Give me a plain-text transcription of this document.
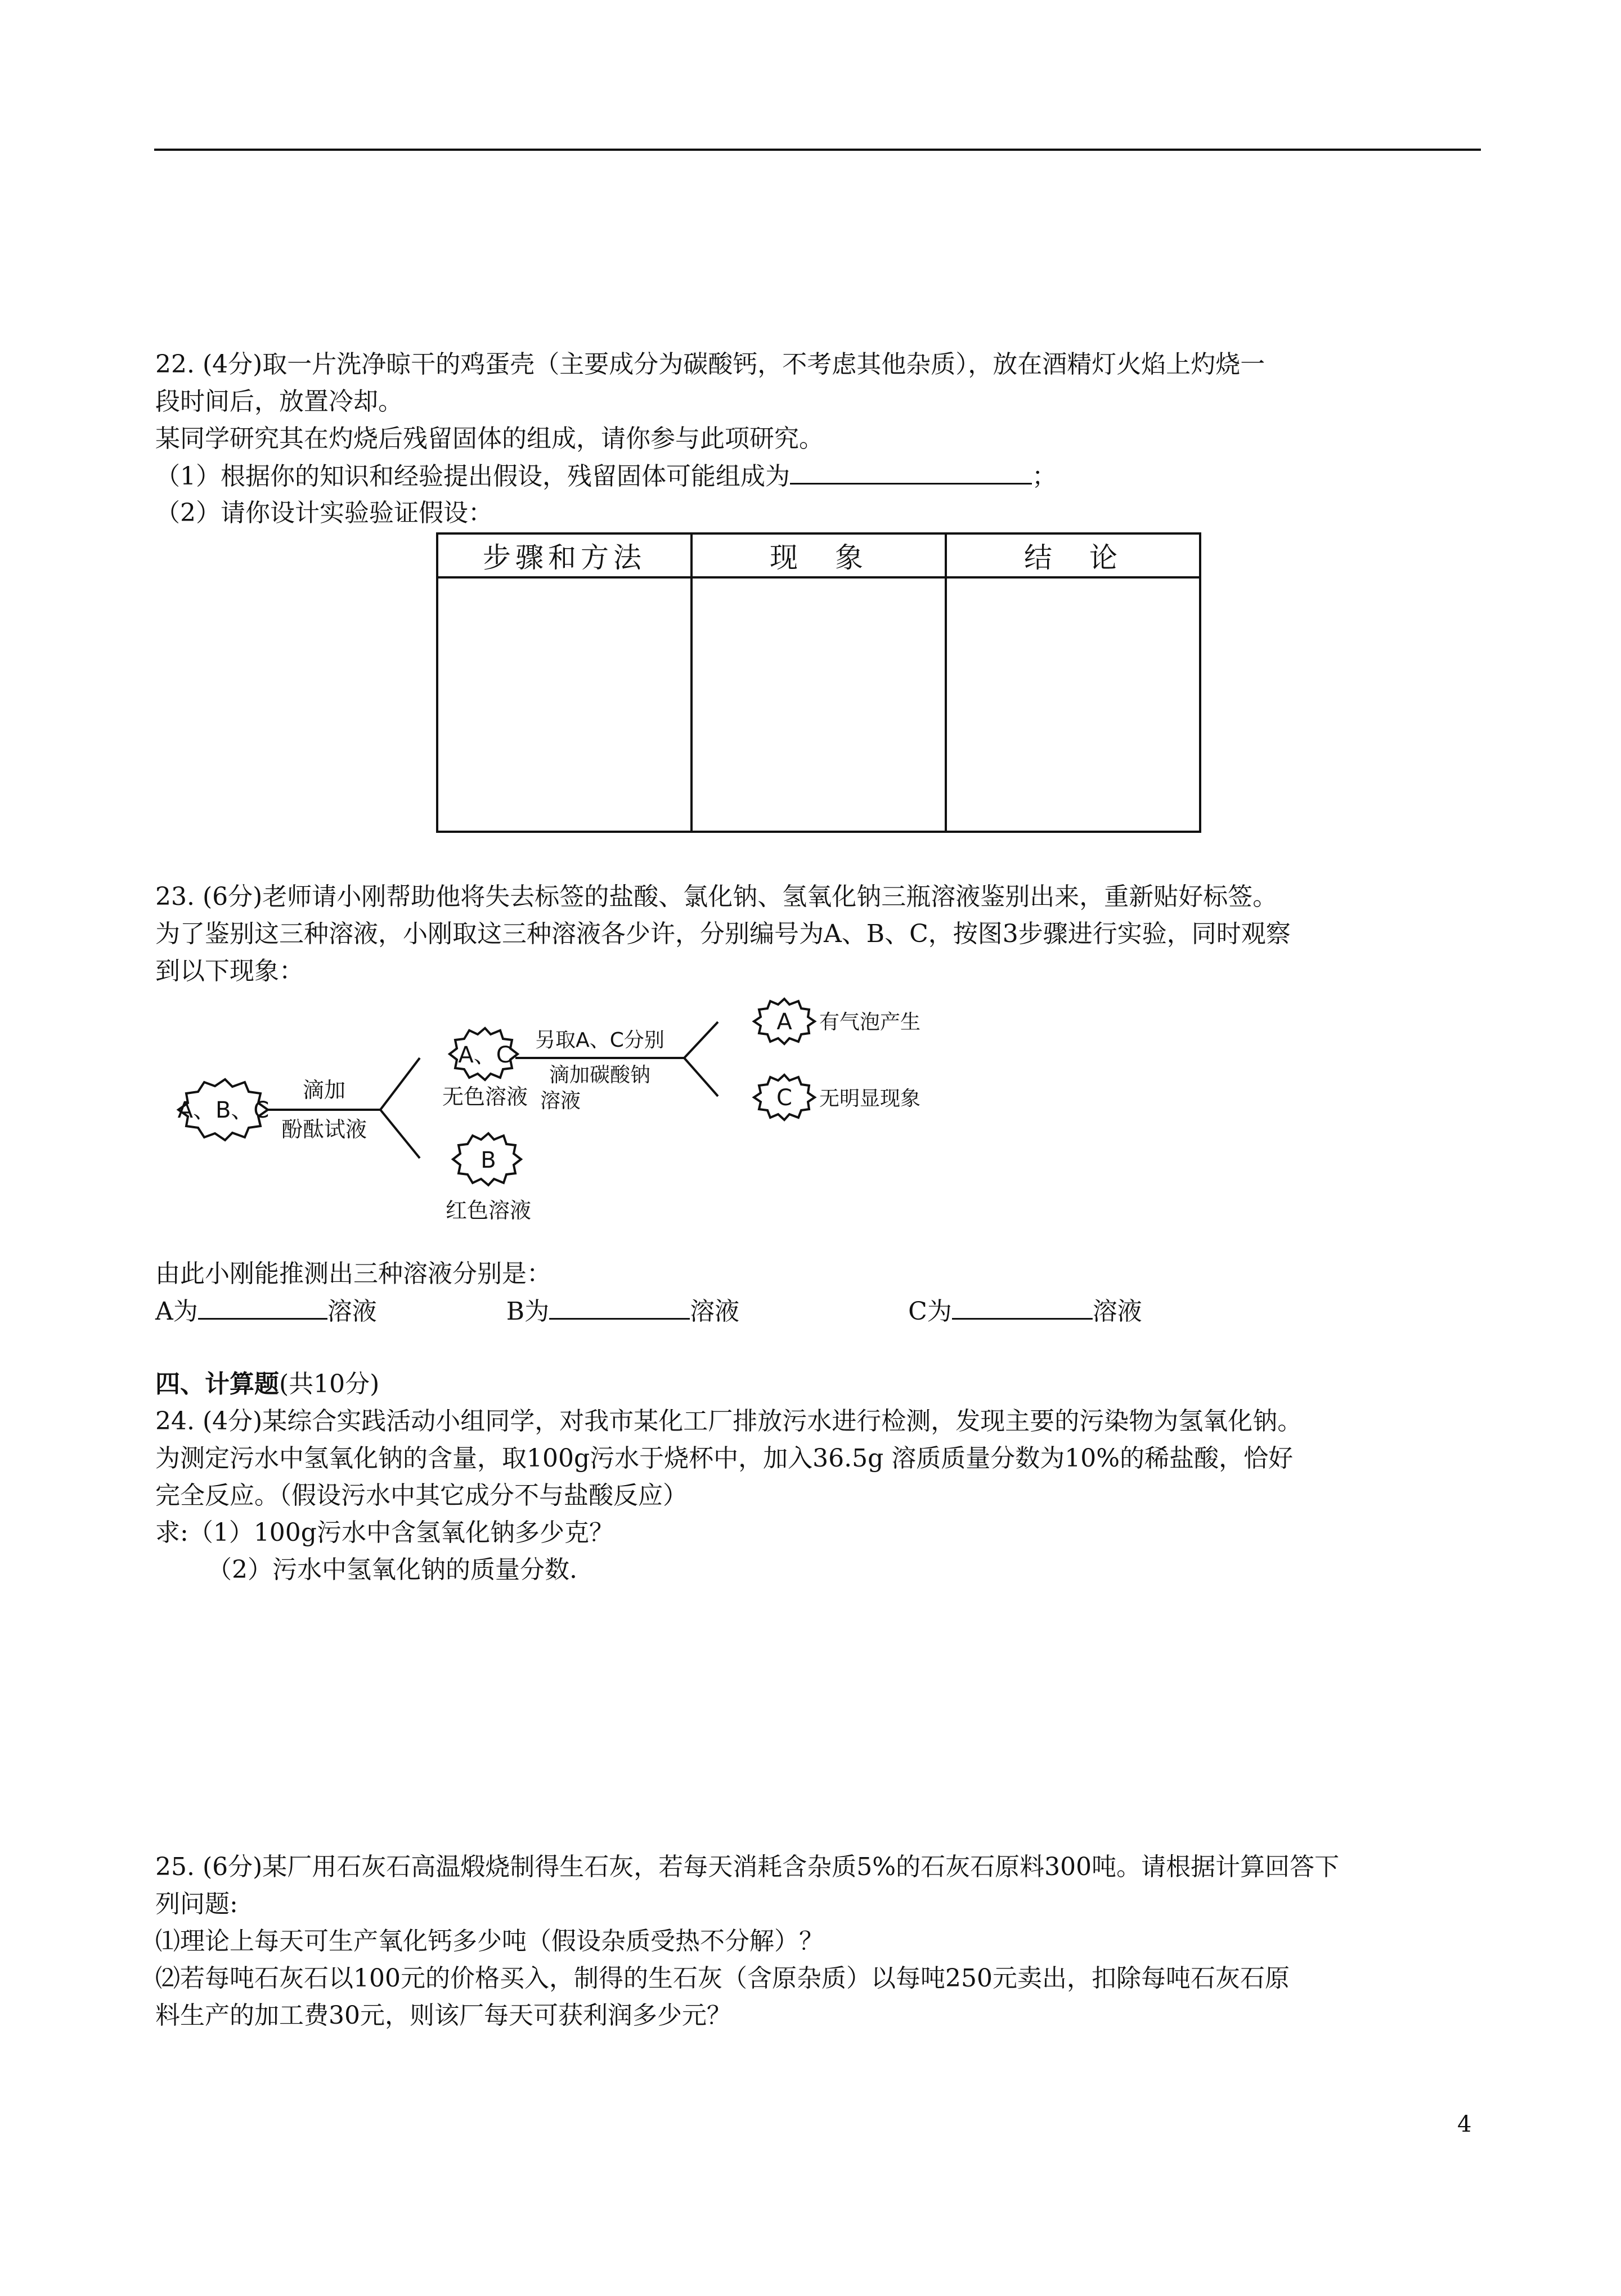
22. (4分)取一片洗净晾干的鸡蛋壳（主要成分为碳酸钙，不考虑其他杂质），放在酒精灯火焰上灼烧一
段时间后，放置冷却。
某同学研究其在灼烧后残留固体的组成，请你参与此项研究。
（1）根据你的知识和经验提出假设，残留固体可能组成为	；
（2）请你设计实验验证假设：
步骤和方法	现　象	结　论

23. (6分)老师请小刚帮助他将失去标签的盐酸、氯化钠、氢氧化钠三瓶溶液鉴别出来，重新贴好标签。
为了鉴别这三种溶液，小刚取这三种溶液各少许，分别编号为A、B、C，按图3步骤进行实验，同时观察
到以下现象：
A、B、C
A、C
B
A
C
滴加
酚酞试液
无色溶液
红色溶液
另取A、C分别
滴加碳酸钠
溶液
有气泡产生
无明显现象
由此小刚能推测出三种溶液分别是：
A为	溶液	B为	溶液	C为	溶液
四、计算题(共10分)
24. (4分)某综合实践活动小组同学，对我市某化工厂排放污水进行检测，发现主要的污染物为氢氧化钠。
为测定污水中氢氧化钠的含量，取100g污水于烧杯中，加入36.5g 溶质质量分数为10%的稀盐酸，恰好
完全反应。（假设污水中其它成分不与盐酸反应）
求:（1）100g污水中含氢氧化钠多少克？
（2）污水中氢氧化钠的质量分数.
25. (6分)某厂用石灰石高温煅烧制得生石灰，若每天消耗含杂质5%的石灰石原料300吨。请根据计算回答下
列问题:
⑴理论上每天可生产氧化钙多少吨（假设杂质受热不分解）？
⑵若每吨石灰石以100元的价格买入，制得的生石灰（含原杂质）以每吨250元卖出，扣除每吨石灰石原
料生产的加工费30元，则该厂每天可获利润多少元？
4
